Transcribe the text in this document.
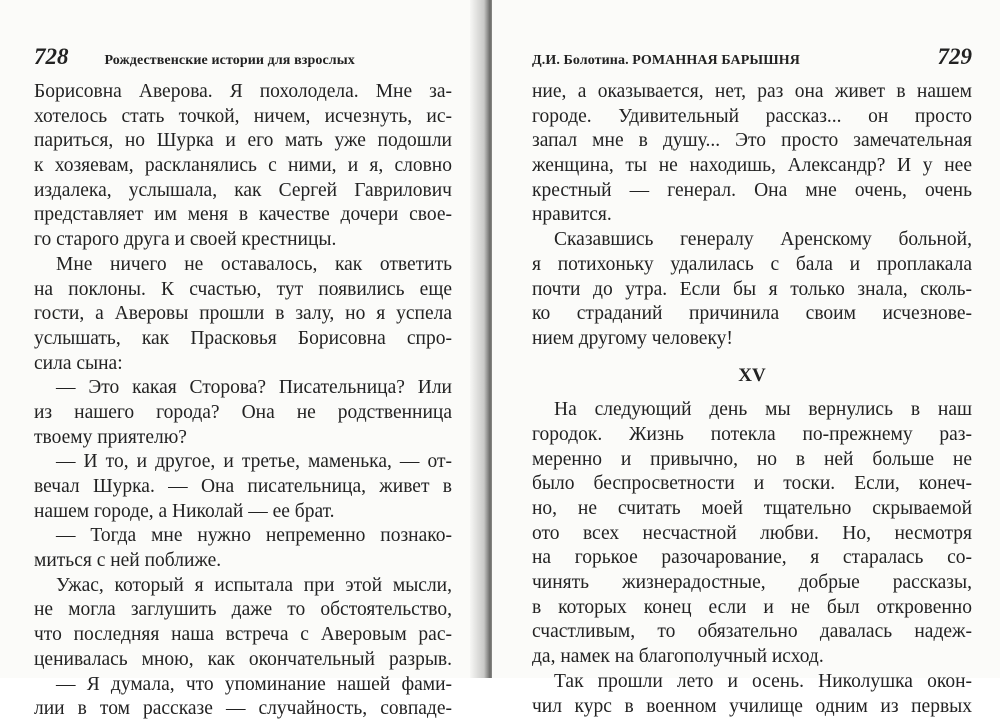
728	Рождественские истории для взрослых
Борисовна Аверова. Я похолодела. Мне за-
хотелось стать точкой, ничем, исчезнуть, ис-
париться, но Шурка и его мать уже подошли
к хозяевам, раскланялись с ними, и я, словно
издалека, услышала, как Сергей Гаврилович
представляет им меня в качестве дочери свое-
го старого друга и своей крестницы.
Мне ничего не оставалось, как ответить
на поклоны. К счастью, тут появились еще
гости, а Аверовы прошли в залу, но я успела
услышать, как Прасковья Борисовна спро-
сила сына:
— Это какая Сторова? Писательница? Или
из нашего города? Она не родственница
твоему приятелю?
— И то, и другое, и третье, маменька, — от-
вечал Шурка. — Она писательница, живет в
нашем городе, а Николай — ее брат.
— Тогда мне нужно непременно познако-
миться с ней поближе.
Ужас, который я испытала при этой мысли,
не могла заглушить даже то обстоятельство,
что последняя наша встреча с Аверовым рас-
ценивалась мною, как окончательный разрыв.
— Я думала, что упоминание нашей фами-
лии в том рассказе — случайность, совпаде-
Д.И. Болотина. РОМАННАЯ БАРЫШНЯ	729
ние, а оказывается, нет, раз она живет в нашем
городе. Удивительный рассказ... он просто
запал мне в душу... Это просто замечательная
женщина, ты не находишь, Александр? И у нее
крестный — генерал. Она мне очень, очень
нравится.
Сказавшись генералу Аренскому больной,
я потихоньку удалилась с бала и проплакала
почти до утра. Если бы я только знала, сколь-
ко страданий причинила своим исчезнове-
нием другому человеку!
XV
На следующий день мы вернулись в наш
городок. Жизнь потекла по-прежнему раз-
меренно и привычно, но в ней больше не
было беспросветности и тоски. Если, конеч-
но, не считать моей тщательно скрываемой
ото всех несчастной любви. Но, несмотря
на горькое разочарование, я старалась со-
чинять жизнерадостные, добрые рассказы,
в которых конец если и не был откровенно
счастливым, то обязательно давалась надеж-
да, намек на благополучный исход.
Так прошли лето и осень. Николушка окон-
чил курс в военном училище одним из первых
